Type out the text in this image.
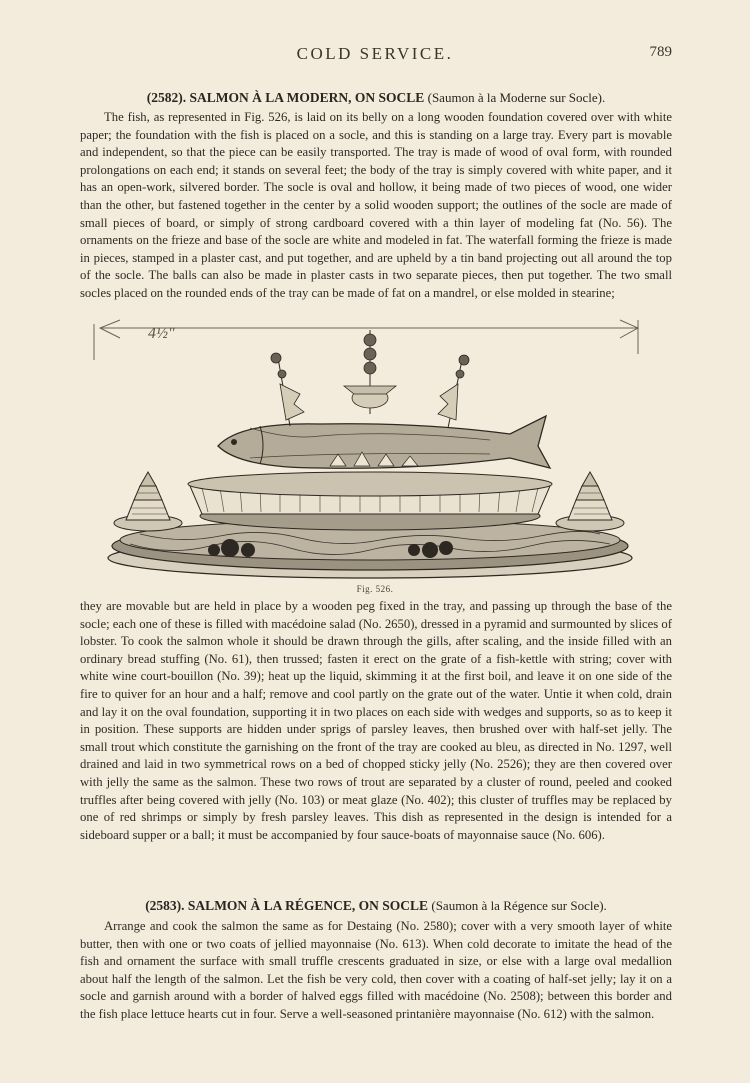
COLD SERVICE.	789
(2582). SALMON À LA MODERN, ON SOCLE (Saumon à la Moderne sur Socle).

The fish, as represented in Fig. 526, is laid on its belly on a long wooden foundation covered over with white paper; the foundation with the fish is placed on a socle, and this is standing on a large tray. Every part is movable and independent, so that the piece can be easily transported. The tray is made of wood of oval form, with rounded prolongations on each end; it stands on several feet; the body of the tray is simply covered with white paper, and it has an open-work, silvered border. The socle is oval and hollow, it being made of two pieces of wood, one wider than the other, but fastened together in the center by a solid wooden support; the outlines of the socle are made of small pieces of board, or simply of strong cardboard covered with a thin layer of modeling fat (No. 56). The ornaments on the frieze and base of the socle are white and modeled in fat. The waterfall forming the frieze is made in pieces, stamped in a plaster cast, and put together, and are upheld by a tin band projecting out all around the top of the socle. The balls can also be made in plaster casts in two separate pieces, then put together. The two small socles placed on the rounded ends of the tray can be made of fat on a mandrel, or else molded in stearine;

4½"
Fig. 526.

they are movable but are held in place by a wooden peg fixed in the tray, and passing up through the base of the socle; each one of these is filled with macédoine salad (No. 2650), dressed in a pyramid and surmounted by slices of lobster. To cook the salmon whole it should be drawn through the gills, after scaling, and the inside filled with an ordinary bread stuffing (No. 61), then trussed; fasten it erect on the grate of a fish-kettle with string; cover with white wine court-bouillon (No. 39); heat up the liquid, skimming it at the first boil, and leave it on one side of the fire to quiver for an hour and a half; remove and cool partly on the grate out of the water. Untie it when cold, drain and lay it on the oval foundation, supporting it in two places on each side with wedges and supports, so as to keep it in position. These supports are hidden under sprigs of parsley leaves, then brushed over with half-set jelly. The small trout which constitute the garnishing on the front of the tray are cooked au bleu, as directed in No. 1297, well drained and laid in two symmetrical rows on a bed of chopped sticky jelly (No. 2526); they are then covered over with jelly the same as the salmon. These two rows of trout are separated by a cluster of round, peeled and cooked truffles after being covered with jelly (No. 103) or meat glaze (No. 402); this cluster of truffles may be replaced by one of red shrimps or simply by fresh parsley leaves. This dish as represented in the design is intended for a sideboard supper or a ball; it must be accompanied by four sauce-boats of mayonnaise sauce (No. 606).

(2583). SALMON À LA RÉGENCE, ON SOCLE (Saumon à la Régence sur Socle).

Arrange and cook the salmon the same as for Destaing (No. 2580); cover with a very smooth layer of white butter, then with one or two coats of jellied mayonnaise (No. 613). When cold decorate to imitate the head of the fish and ornament the surface with small truffle crescents graduated in size, or else with a large oval medallion about half the length of the salmon. Let the fish be very cold, then cover with a coating of half-set jelly; lay it on a socle and garnish around with a border of halved eggs filled with macédoine (No. 2508); between this border and the fish place lettuce hearts cut in four. Serve a well-seasoned printanière mayonnaise (No. 612) with the salmon.
